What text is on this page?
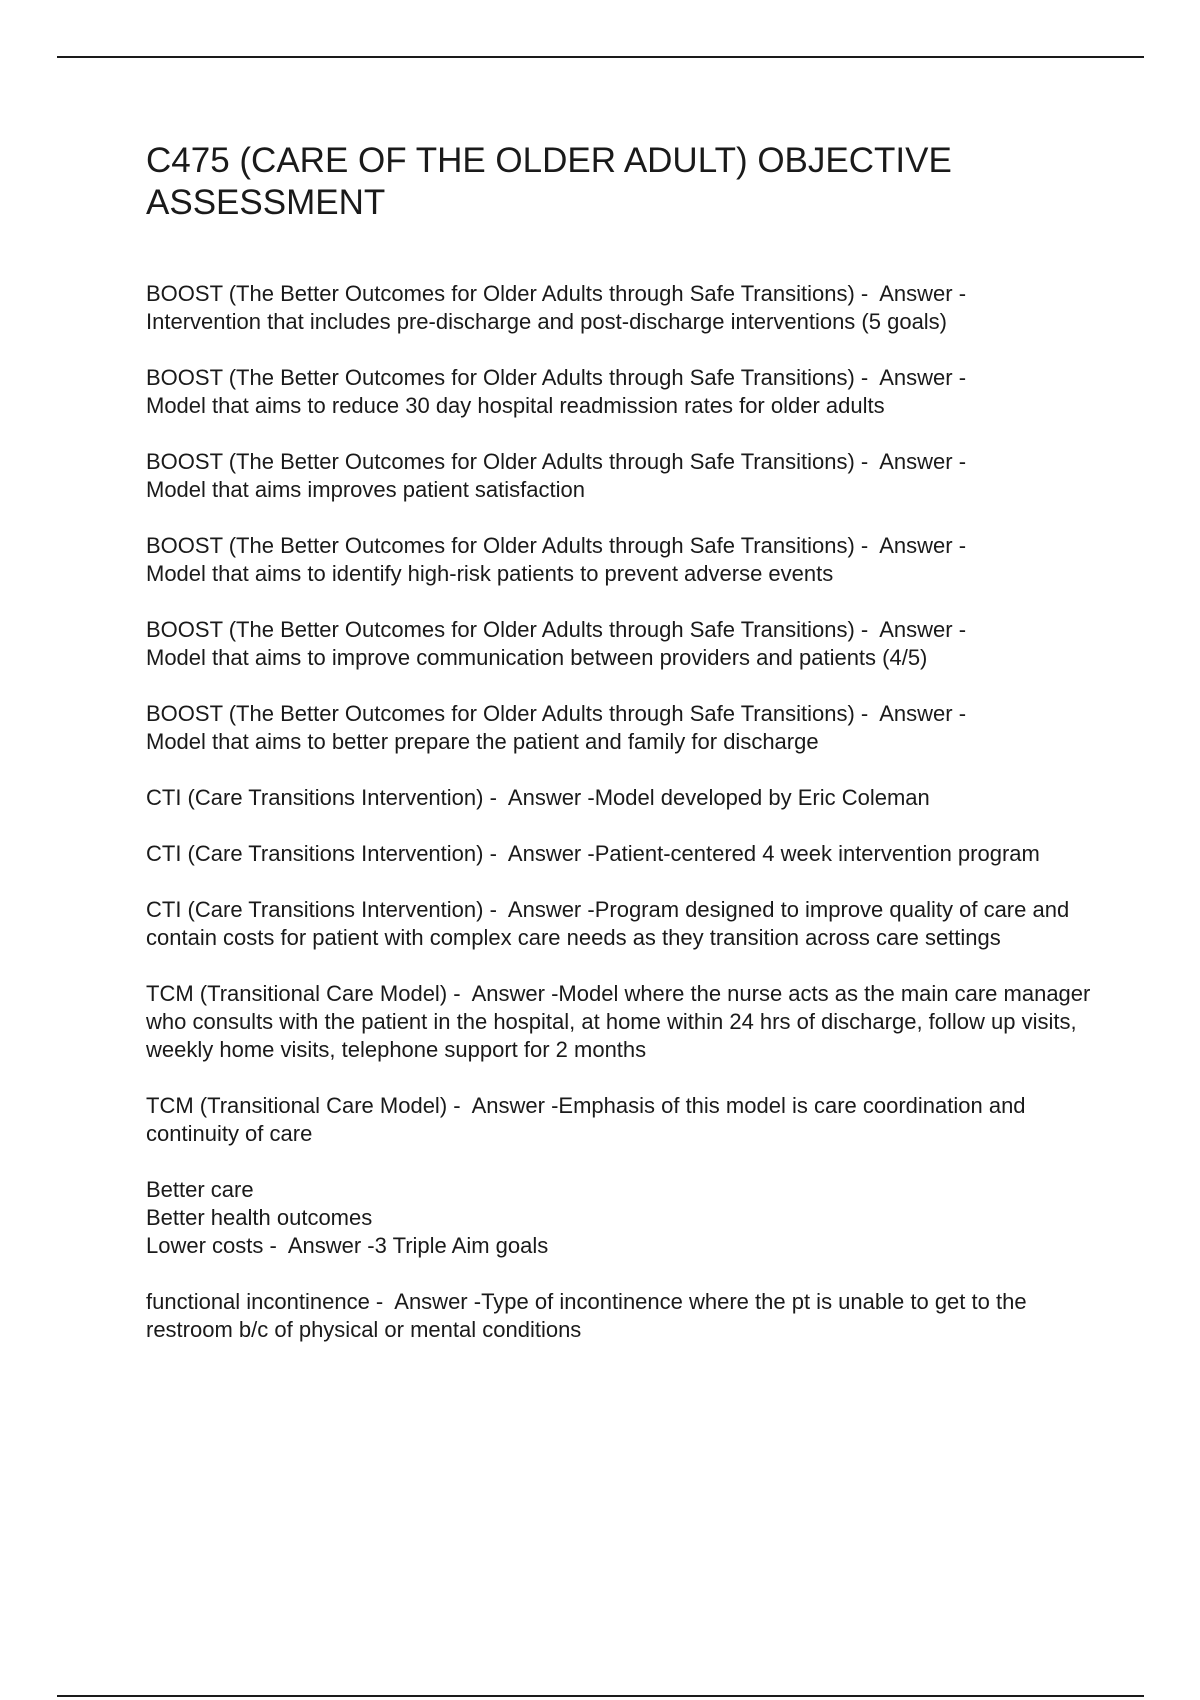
C475 (CARE OF THE OLDER ADULT) OBJECTIVE
ASSESSMENT
BOOST (The Better Outcomes for Older Adults through Safe Transitions) -  Answer -
Intervention that includes pre-discharge and post-discharge interventions (5 goals)
BOOST (The Better Outcomes for Older Adults through Safe Transitions) -  Answer -
Model that aims to reduce 30 day hospital readmission rates for older adults
BOOST (The Better Outcomes for Older Adults through Safe Transitions) -  Answer -
Model that aims improves patient satisfaction
BOOST (The Better Outcomes for Older Adults through Safe Transitions) -  Answer -
Model that aims to identify high-risk patients to prevent adverse events
BOOST (The Better Outcomes for Older Adults through Safe Transitions) -  Answer -
Model that aims to improve communication between providers and patients (4/5)
BOOST (The Better Outcomes for Older Adults through Safe Transitions) -  Answer -
Model that aims to better prepare the patient and family for discharge
CTI (Care Transitions Intervention) -  Answer -Model developed by Eric Coleman
CTI (Care Transitions Intervention) -  Answer -Patient-centered 4 week intervention program
CTI (Care Transitions Intervention) -  Answer -Program designed to improve quality of care and contain costs for patient with complex care needs as they transition across care settings
TCM (Transitional Care Model) -  Answer -Model where the nurse acts as the main care manager who consults with the patient in the hospital, at home within 24 hrs of discharge, follow up visits, weekly home visits, telephone support for 2 months
TCM (Transitional Care Model) -  Answer -Emphasis of this model is care coordination and continuity of care
Better care
Better health outcomes
Lower costs -  Answer -3 Triple Aim goals
functional incontinence -  Answer -Type of incontinence where the pt is unable to get to the restroom b/c of physical or mental conditions
